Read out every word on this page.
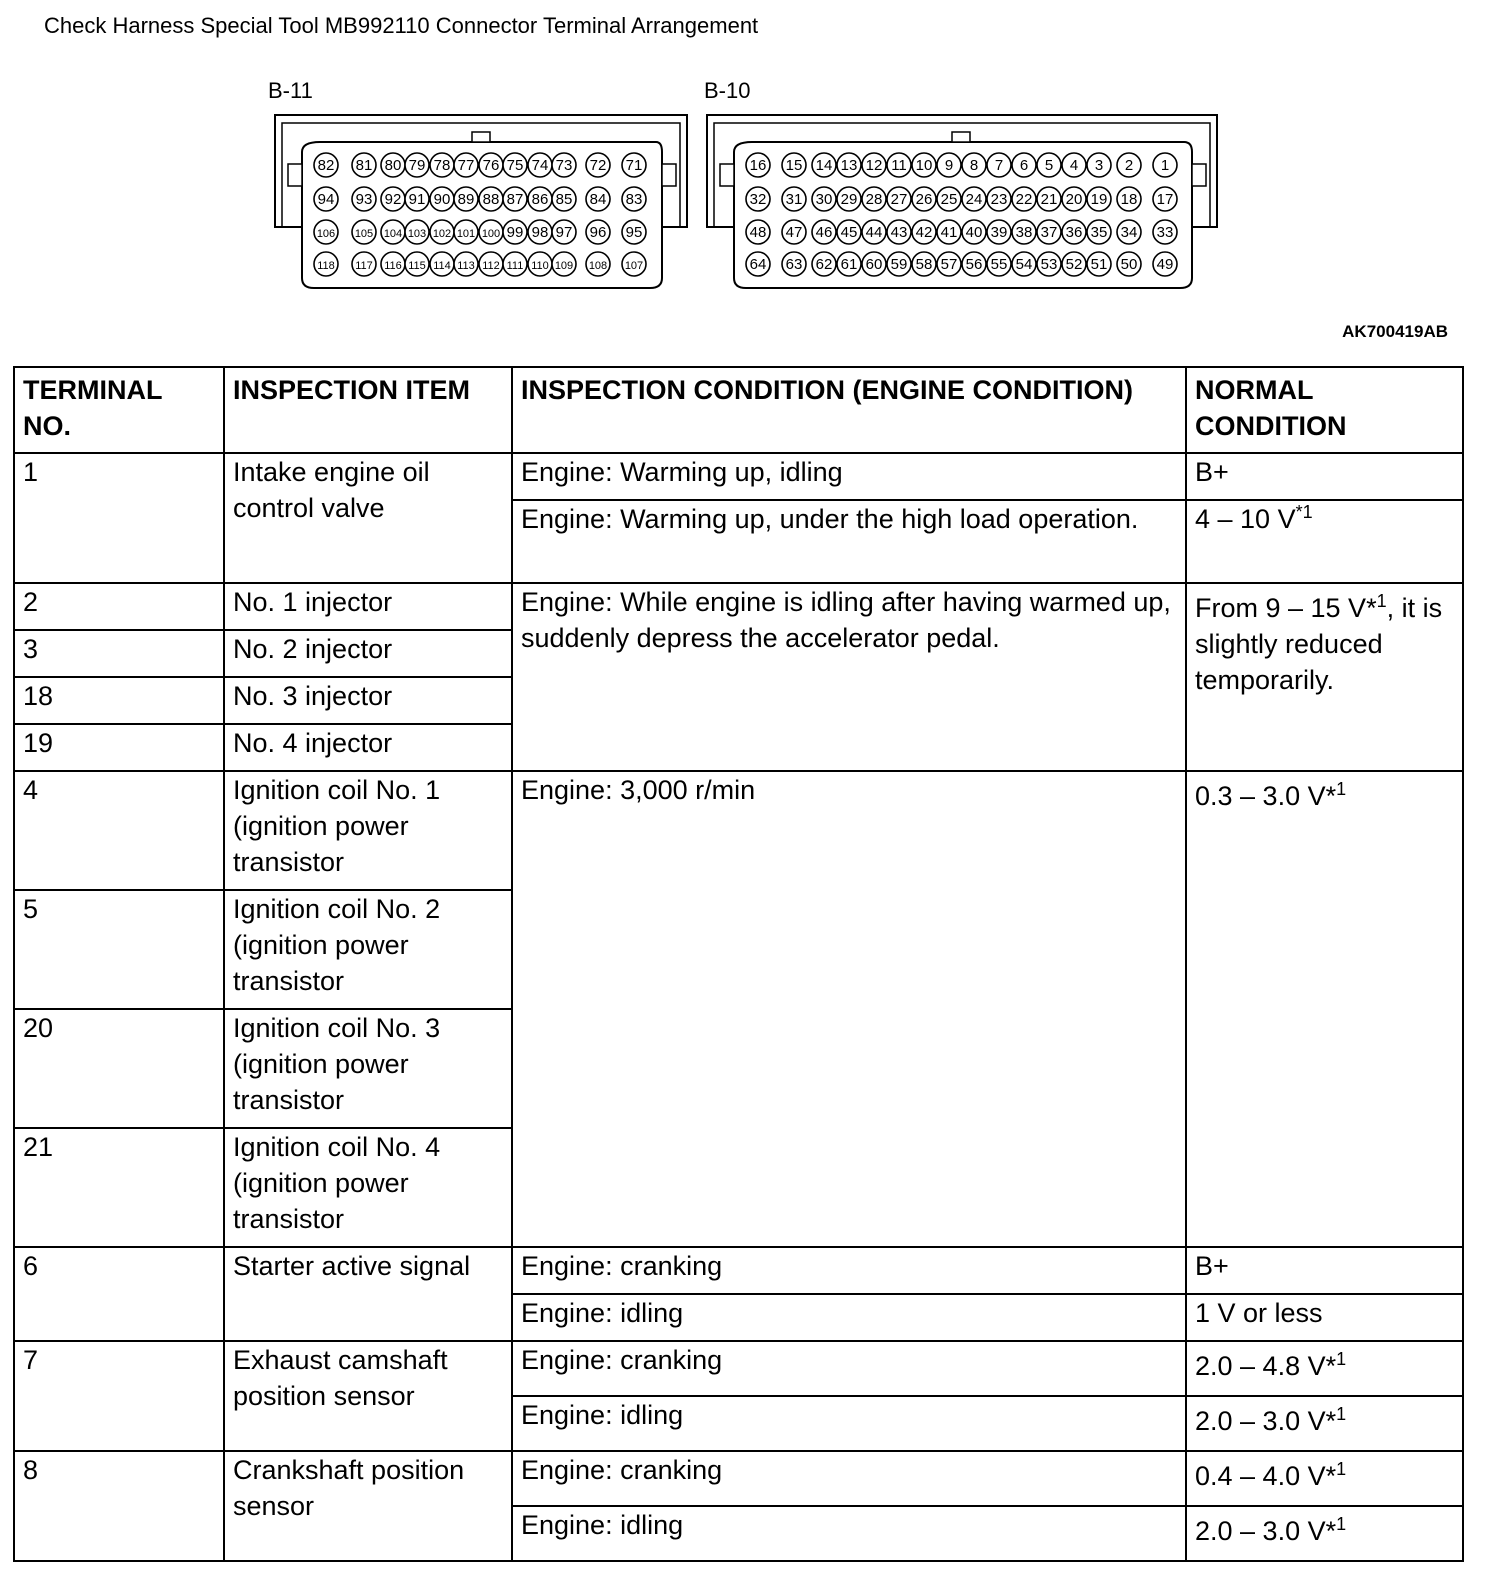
Check Harness Special Tool MB992110 Connector Terminal Arrangement
B-11	B-10
82 81 80 79 78 77 76 75 74 73 72 71
94 93 92 91 90 89 88 87 86 85 84 83
106 105 104 103 102 101 100 99 98 97 96 95
118 117 116 115 114 113 112 111 110 109 108 107
16 15 14 13 12 11 10 9 8 7 6 5 4 3 2 1
32 31 30 29 28 27 26 25 24 23 22 21 20 19 18 17
48 47 46 45 44 43 42 41 40 39 38 37 36 35 34 33
64 63 62 61 60 59 58 57 56 55 54 53 52 51 50 49
AK700419AB
TERMINAL NO.	INSPECTION ITEM	INSPECTION CONDITION (ENGINE CONDITION)	NORMAL CONDITION
1	Intake engine oil control valve	Engine: Warming up, idling	B+
		Engine: Warming up, under the high load operation.	4 – 10 $V^{*1}$
2	No. 1 injector	Engine: While engine is idling after having warmed up, suddenly depress the accelerator pedal.	From 9 – 15 V*$^1$, it is slightly reduced temporarily.
3	No. 2 injector		
18	No. 3 injector		
19	No. 4 injector		
4	Ignition coil No. 1 (ignition power transistor	Engine: 3,000 r/min	0.3 – 3.0 V*$^1$
5	Ignition coil No. 2 (ignition power transistor		
20	Ignition coil No. 3 (ignition power transistor		
21	Ignition coil No. 4 (ignition power transistor		
6	Starter active signal	Engine: cranking	B+
		Engine: idling	1 V or less
7	Exhaust camshaft position sensor	Engine: cranking	2.0 – 4.8 V*$^1$
		Engine: idling	2.0 – 3.0 V*$^1$
8	Crankshaft position sensor	Engine: cranking	0.4 – 4.0 V*$^1$
		Engine: idling	2.0 – 3.0 V*$^1$
